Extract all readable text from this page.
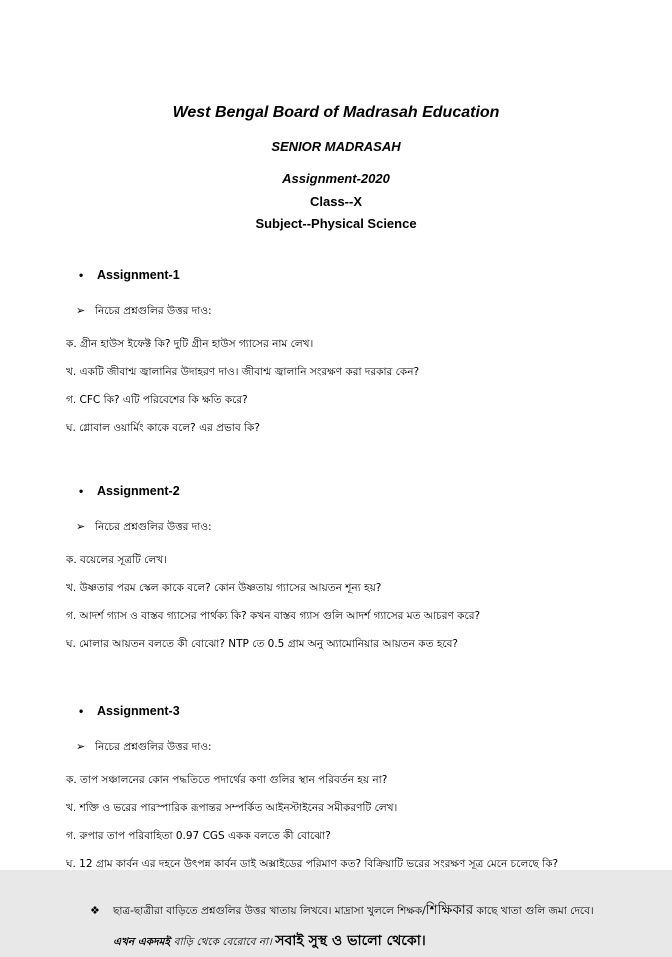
West Bengal Board of Madrasah Education
SENIOR MADRASAH
Assignment-2020
Class--X
Subject--Physical Science
•	Assignment-1
➢ নিচের প্রশ্নগুলির উত্তর দাও:

ক. গ্রীন হাউস ইফেক্ট কি? দুটি গ্রীন হাউস গ্যাসের নাম লেখ।

খ. একটি জীবাশ্ম জ্বালানির উদাহরণ দাও। জীবাশ্ম জ্বালানি সংরক্ষণ করা দরকার কেন?

গ. CFC কি? এটি পরিবেশের কি ক্ষতি করে?

ঘ. গ্লোবাল ওয়ার্মিং কাকে বলে? এর প্রভাব কি?

•	Assignment-2
➢ নিচের প্রশ্নগুলির উত্তর দাও:

ক. বয়েলের সূত্রটি লেখ।

খ. উষ্ণতার পরম স্কেল কাকে বলে? কোন উষ্ণতায় গ্যাসের আয়তন শূন্য হয়?

গ. আদর্শ গ্যাস ও বাস্তব গ্যাসের পার্থক্য কি? কখন বাস্তব গ্যাস গুলি আদর্শ গ্যাসের মত আচরণ করে?

ঘ. মোলার আয়তন বলতে কী বোঝো? NTP তে 0.5 গ্রাম অনু অ্যামোনিয়ার আয়তন কত হবে?

•	Assignment-3
➢ নিচের প্রশ্নগুলির উত্তর দাও:

ক. তাপ সঞ্চালনের কোন পদ্ধতিতে পদার্থের কণা গুলির স্থান পরিবর্তন হয় না?

খ. শক্তি ও ভরের পারস্পারিক রূপান্তর সম্পর্কিত আইনস্টাইনের সমীকরণটি লেখ।

গ. রুপার তাপ পরিবাহিতা 0.97 CGS একক বলতে কী বোঝো?

ঘ. 12 গ্রাম কার্বন এর দহনে উৎপন্ন কার্বন ডাই অক্সাইডের পরিমাণ কত? বিক্রিয়াটি ভরের সংরক্ষণ সূত্র মেনে চলেছে কি?

❖ ছাত্র-ছাত্রীরা বাড়িতে প্রশ্নগুলির উত্তর খাতায় লিখবে। মাদ্রাসা খুললে শিক্ষক/শিক্ষিকার কাছে খাতা গুলি জমা দেবে। এখন একদমই বাড়ি থেকে বেরোবে না। সবাই সুস্থ ও ভালো থেকো।
